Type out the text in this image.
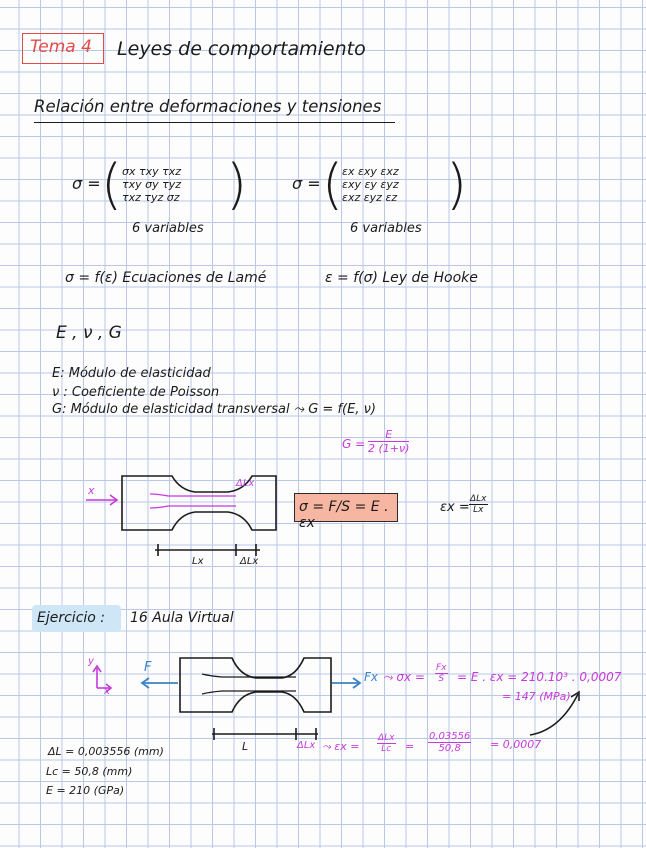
Tema 4	Leyes de comportamiento
Relación entre deformaciones y tensiones
σ = ( σx τxy τxz
τxy σy τyz
τxz τyz σz )
6 variables
σ = (
εx εxy εxz
εxy εy εyz
εxz εyz εz )
6 variables
σ = f(ε) Ecuaciones de Lamé	ε = f(σ) Ley de Hooke
E , ν , G
E: Módulo de elasticidad
ν : Coeficiente de Poisson
G: Módulo de elasticidad transversal ⤳ G = f(E, ν)
$G = \frac{E}{2 (1+\nu)}$
ΔLx
x
Lx	ΔLx
σ = F/S = E . εx
εx =
ΔLx
Lx
Ejercicio : 16 Aula Virtual
y
x
F
Fx ⤳ $\sigma x = \frac{Fx}{S} = E$ . εx = 210.10³ . 0,0007
= 147 (MPa)
L	ΔLx ⤳ εx =
ΔLx
Lc	= $\frac{0,03556}{50,8} = 0,0007$
ΔL = 0,003556 (mm)
Lc = 50,8 (mm)
E = 210 (GPa)
